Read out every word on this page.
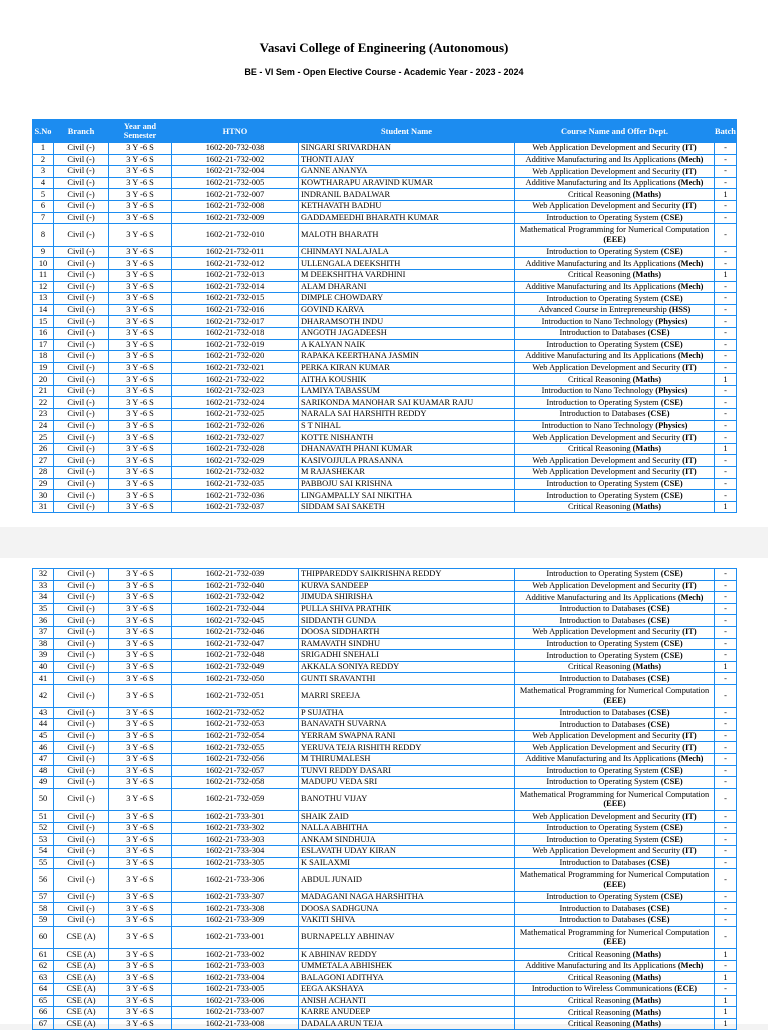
Vasavi College of Engineering (Autonomous)
BE - VI Sem - Open Elective Course - Academic Year - 2023 - 2024
S.No	Branch	Year and Semester	HTNO	Student Name	Course Name and Offer Dept.	Batch
1	Civil (-)	3 Y -6 S	1602-20-732-038	SINGARI SRIVARDHAN	Web Application Development and Security (IT)	-
2	Civil (-)	3 Y -6 S	1602-21-732-002	THONTI AJAY	Additive Manufacturing and Its Applications (Mech)	-
3	Civil (-)	3 Y -6 S	1602-21-732-004	GANNE ANANYA	Web Application Development and Security (IT)	-
4	Civil (-)	3 Y -6 S	1602-21-732-005	KOWTHARAPU ARAVIND KUMAR	Additive Manufacturing and Its Applications (Mech)	-
5	Civil (-)	3 Y -6 S	1602-21-732-007	INDRANIL BADALWAR	Critical Reasoning (Maths)	1
6	Civil (-)	3 Y -6 S	1602-21-732-008	KETHAVATH BADHU	Web Application Development and Security (IT)	-
7	Civil (-)	3 Y -6 S	1602-21-732-009	GADDAMEEDHI BHARATH KUMAR	Introduction to Operating System (CSE)	-
8	Civil (-)	3 Y -6 S	1602-21-732-010	MALOTH BHARATH	Mathematical Programming for Numerical Computation (EEE)	-
9	Civil (-)	3 Y -6 S	1602-21-732-011	CHINMAYI NALAJALA	Introduction to Operating System (CSE)	-
10	Civil (-)	3 Y -6 S	1602-21-732-012	ULLENGALA DEEKSHITH	Additive Manufacturing and Its Applications (Mech)	-
11	Civil (-)	3 Y -6 S	1602-21-732-013	M DEEKSHITHA VARDHINI	Critical Reasoning (Maths)	1
12	Civil (-)	3 Y -6 S	1602-21-732-014	ALAM DHARANI	Additive Manufacturing and Its Applications (Mech)	-
13	Civil (-)	3 Y -6 S	1602-21-732-015	DIMPLE CHOWDARY	Introduction to Operating System (CSE)	-
14	Civil (-)	3 Y -6 S	1602-21-732-016	GOVIND KARVA	Advanced Course in Entrepreneurship (HSS)	-
15	Civil (-)	3 Y -6 S	1602-21-732-017	DHARAMSOTH INDU	Introduction to Nano Technology (Physics)	-
16	Civil (-)	3 Y -6 S	1602-21-732-018	ANGOTH JAGADEESH	Introduction to Databases (CSE)	-
17	Civil (-)	3 Y -6 S	1602-21-732-019	A KALYAN NAIK	Introduction to Operating System (CSE)	-
18	Civil (-)	3 Y -6 S	1602-21-732-020	RAPAKA KEERTHANA JASMIN	Additive Manufacturing and Its Applications (Mech)	-
19	Civil (-)	3 Y -6 S	1602-21-732-021	PERKA KIRAN KUMAR	Web Application Development and Security (IT)	-
20	Civil (-)	3 Y -6 S	1602-21-732-022	AITHA KOUSHIK	Critical Reasoning (Maths)	1
21	Civil (-)	3 Y -6 S	1602-21-732-023	LAMIYA TABASSUM	Introduction to Nano Technology (Physics)	-
22	Civil (-)	3 Y -6 S	1602-21-732-024	SARIKONDA MANOHAR SAI KUAMAR RAJU	Introduction to Operating System (CSE)	-
23	Civil (-)	3 Y -6 S	1602-21-732-025	NARALA SAI HARSHITH REDDY	Introduction to Databases (CSE)	-
24	Civil (-)	3 Y -6 S	1602-21-732-026	S T NIHAL	Introduction to Nano Technology (Physics)	-
25	Civil (-)	3 Y -6 S	1602-21-732-027	KOTTE NISHANTH	Web Application Development and Security (IT)	-
26	Civil (-)	3 Y -6 S	1602-21-732-028	DHANAVATH PHANI KUMAR	Critical Reasoning (Maths)	1
27	Civil (-)	3 Y -6 S	1602-21-732-029	KASIVOJJULA PRASANNA	Web Application Development and Security (IT)	-
28	Civil (-)	3 Y -6 S	1602-21-732-032	M RAJASHEKAR	Web Application Development and Security (IT)	-
29	Civil (-)	3 Y -6 S	1602-21-732-035	PABBOJU SAI KRISHNA	Introduction to Operating System (CSE)	-
30	Civil (-)	3 Y -6 S	1602-21-732-036	LINGAMPALLY SAI NIKITHA	Introduction to Operating System (CSE)	-
31	Civil (-)	3 Y -6 S	1602-21-732-037	SIDDAM SAI SAKETH	Critical Reasoning (Maths)	1
32	Civil (-)	3 Y -6 S	1602-21-732-039	THIPPAREDDY SAIKRISHNA REDDY	Introduction to Operating System (CSE)	-
33	Civil (-)	3 Y -6 S	1602-21-732-040	KURVA SANDEEP	Web Application Development and Security (IT)	-
34	Civil (-)	3 Y -6 S	1602-21-732-042	JIMUDA SHIRISHA	Additive Manufacturing and Its Applications (Mech)	-
35	Civil (-)	3 Y -6 S	1602-21-732-044	PULLA SHIVA PRATHIK	Introduction to Databases (CSE)	-
36	Civil (-)	3 Y -6 S	1602-21-732-045	SIDDANTH GUNDA	Introduction to Databases (CSE)	-
37	Civil (-)	3 Y -6 S	1602-21-732-046	DOOSA SIDDHARTH	Web Application Development and Security (IT)	-
38	Civil (-)	3 Y -6 S	1602-21-732-047	RAMAVATH SINDHU	Introduction to Operating System (CSE)	-
39	Civil (-)	3 Y -6 S	1602-21-732-048	SRIGADHI SNEHALI	Introduction to Operating System (CSE)	-
40	Civil (-)	3 Y -6 S	1602-21-732-049	AKKALA SONIYA REDDY	Critical Reasoning (Maths)	1
41	Civil (-)	3 Y -6 S	1602-21-732-050	GUNTI SRAVANTHI	Introduction to Databases (CSE)	-
42	Civil (-)	3 Y -6 S	1602-21-732-051	MARRI SREEJA	Mathematical Programming for Numerical Computation (EEE)	-
43	Civil (-)	3 Y -6 S	1602-21-732-052	P SUJATHA	Introduction to Databases (CSE)	-
44	Civil (-)	3 Y -6 S	1602-21-732-053	BANAVATH SUVARNA	Introduction to Databases (CSE)	-
45	Civil (-)	3 Y -6 S	1602-21-732-054	YERRAM SWAPNA RANI	Web Application Development and Security (IT)	-
46	Civil (-)	3 Y -6 S	1602-21-732-055	YERUVA TEJA RISHITH REDDY	Web Application Development and Security (IT)	-
47	Civil (-)	3 Y -6 S	1602-21-732-056	M THIRUMALESH	Additive Manufacturing and Its Applications (Mech)	-
48	Civil (-)	3 Y -6 S	1602-21-732-057	TUNVI REDDY DASARI	Introduction to Operating System (CSE)	-
49	Civil (-)	3 Y -6 S	1602-21-732-058	MADUPU VEDA SRI	Introduction to Operating System (CSE)	-
50	Civil (-)	3 Y -6 S	1602-21-732-059	BANOTHU VIJAY	Mathematical Programming for Numerical Computation (EEE)	-
51	Civil (-)	3 Y -6 S	1602-21-733-301	SHAIK ZAID	Web Application Development and Security (IT)	-
52	Civil (-)	3 Y -6 S	1602-21-733-302	NALLA ABHITHA	Introduction to Operating System (CSE)	-
53	Civil (-)	3 Y -6 S	1602-21-733-303	ANKAM SINDHUJA	Introduction to Operating System (CSE)	-
54	Civil (-)	3 Y -6 S	1602-21-733-304	ESLAVATH UDAY KIRAN	Web Application Development and Security (IT)	-
55	Civil (-)	3 Y -6 S	1602-21-733-305	K SAILAXMI	Introduction to Databases (CSE)	-
56	Civil (-)	3 Y -6 S	1602-21-733-306	ABDUL JUNAID	Mathematical Programming for Numerical Computation (EEE)	-
57	Civil (-)	3 Y -6 S	1602-21-733-307	MADAGANI NAGA HARSHITHA	Introduction to Operating System (CSE)	-
58	Civil (-)	3 Y -6 S	1602-21-733-308	DOOSA SADHGUNA	Introduction to Databases (CSE)	-
59	Civil (-)	3 Y -6 S	1602-21-733-309	VAKITI SHIVA	Introduction to Databases (CSE)	-
60	CSE (A)	3 Y -6 S	1602-21-733-001	BURNAPELLY ABHINAV	Mathematical Programming for Numerical Computation (EEE)	-
61	CSE (A)	3 Y -6 S	1602-21-733-002	K ABHINAV REDDY	Critical Reasoning (Maths)	1
62	CSE (A)	3 Y -6 S	1602-21-733-003	UMMETALA ABHISHEK	Additive Manufacturing and Its Applications (Mech)	-
63	CSE (A)	3 Y -6 S	1602-21-733-004	BALAGONI ADITHYA	Critical Reasoning (Maths)	1
64	CSE (A)	3 Y -6 S	1602-21-733-005	EEGA AKSHAYA	Introduction to Wireless Communications (ECE)	-
65	CSE (A)	3 Y -6 S	1602-21-733-006	ANISH ACHANTI	Critical Reasoning (Maths)	1
66	CSE (A)	3 Y -6 S	1602-21-733-007	KARRE ANUDEEP	Critical Reasoning (Maths)	1
67	CSE (A)	3 Y -6 S	1602-21-733-008	DADALA ARUN TEJA	Critical Reasoning (Maths)	1
